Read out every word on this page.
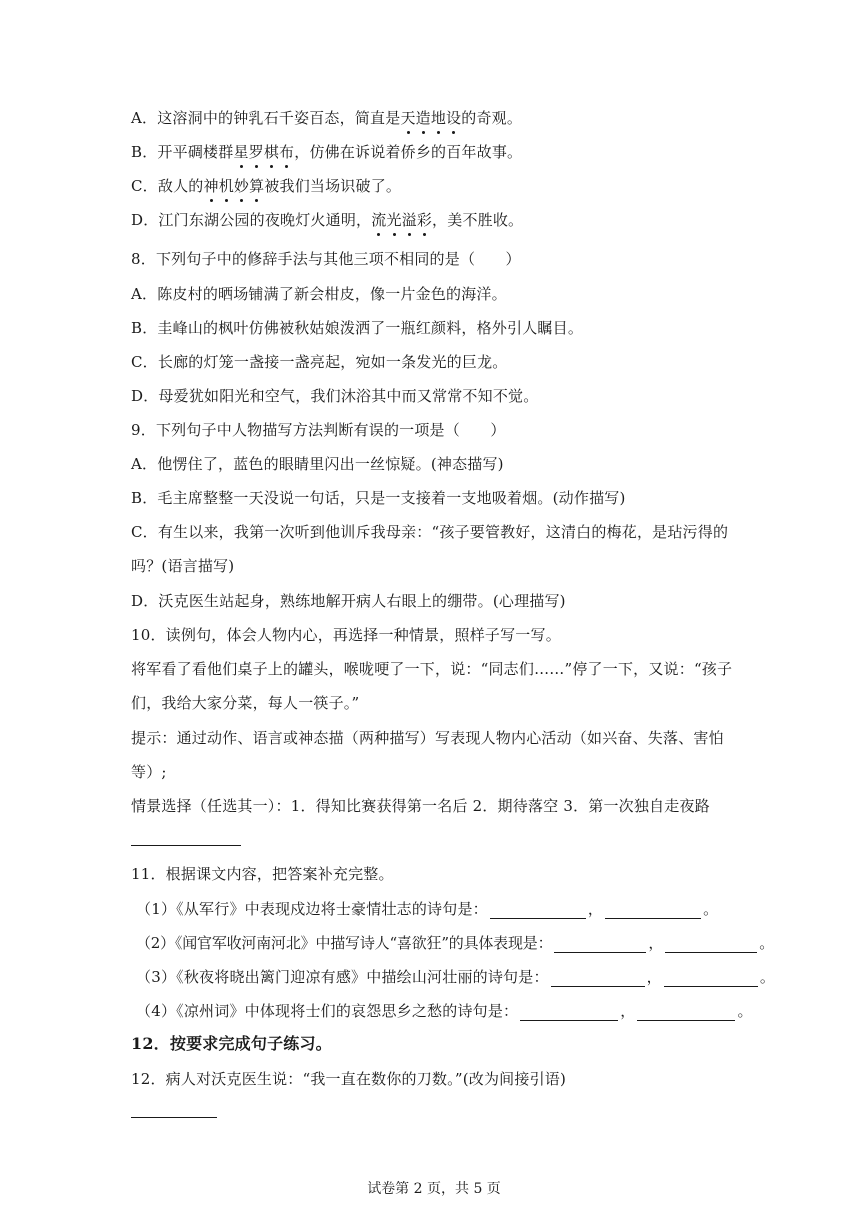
A．这溶洞中的钟乳石千姿百态，简直是天造地设的奇观。
B．开平碉楼群星罗棋布，仿佛在诉说着侨乡的百年故事。
C．敌人的神机妙算被我们当场识破了。
D．江门东湖公园的夜晚灯火通明，流光溢彩，美不胜收。
8．下列句子中的修辞手法与其他三项不相同的是（　　）
A．陈皮村的晒场铺满了新会柑皮，像一片金色的海洋。
B．圭峰山的枫叶仿佛被秋姑娘泼洒了一瓶红颜料，格外引人瞩目。
C．长廊的灯笼一盏接一盏亮起，宛如一条发光的巨龙。
D．母爱犹如阳光和空气，我们沐浴其中而又常常不知不觉。
9．下列句子中人物描写方法判断有误的一项是（　　）
A．他愣住了，蓝色的眼睛里闪出一丝惊疑。(神态描写)
B．毛主席整整一天没说一句话，只是一支接着一支地吸着烟。(动作描写)
C．有生以来，我第一次听到他训斥我母亲：“孩子要管教好，这清白的梅花，是玷污得的
吗？(语言描写)
D．沃克医生站起身，熟练地解开病人右眼上的绷带。(心理描写)
10．读例句，体会人物内心，再选择一种情景，照样子写一写。
将军看了看他们桌子上的罐头，喉咙哽了一下，说：“同志们……”停了一下，又说：“孩子
们，我给大家分菜，每人一筷子。”
提示：通过动作、语言或神态描（两种描写）写表现人物内心活动（如兴奋、失落、害怕
等）;
情景选择（任选其一）：1．得知比赛获得第一名后 2．期待落空 3．第一次独自走夜路
11．根据课文内容，把答案补充完整。
（1）《从军行》中表现戍边将士豪情壮志的诗句是：	，	。
（2）《闻官军收河南河北》中描写诗人“喜欲狂”的具体表现是：	，	。
（3）《秋夜将晓出篱门迎凉有感》中描绘山河壮丽的诗句是：	，	。
（4）《凉州词》中体现将士们的哀怨思乡之愁的诗句是：	，	。
12．按要求完成句子练习。
12．病人对沃克医生说：“我一直在数你的刀数。”(改为间接引语)
试卷第 2 页，共 5 页
